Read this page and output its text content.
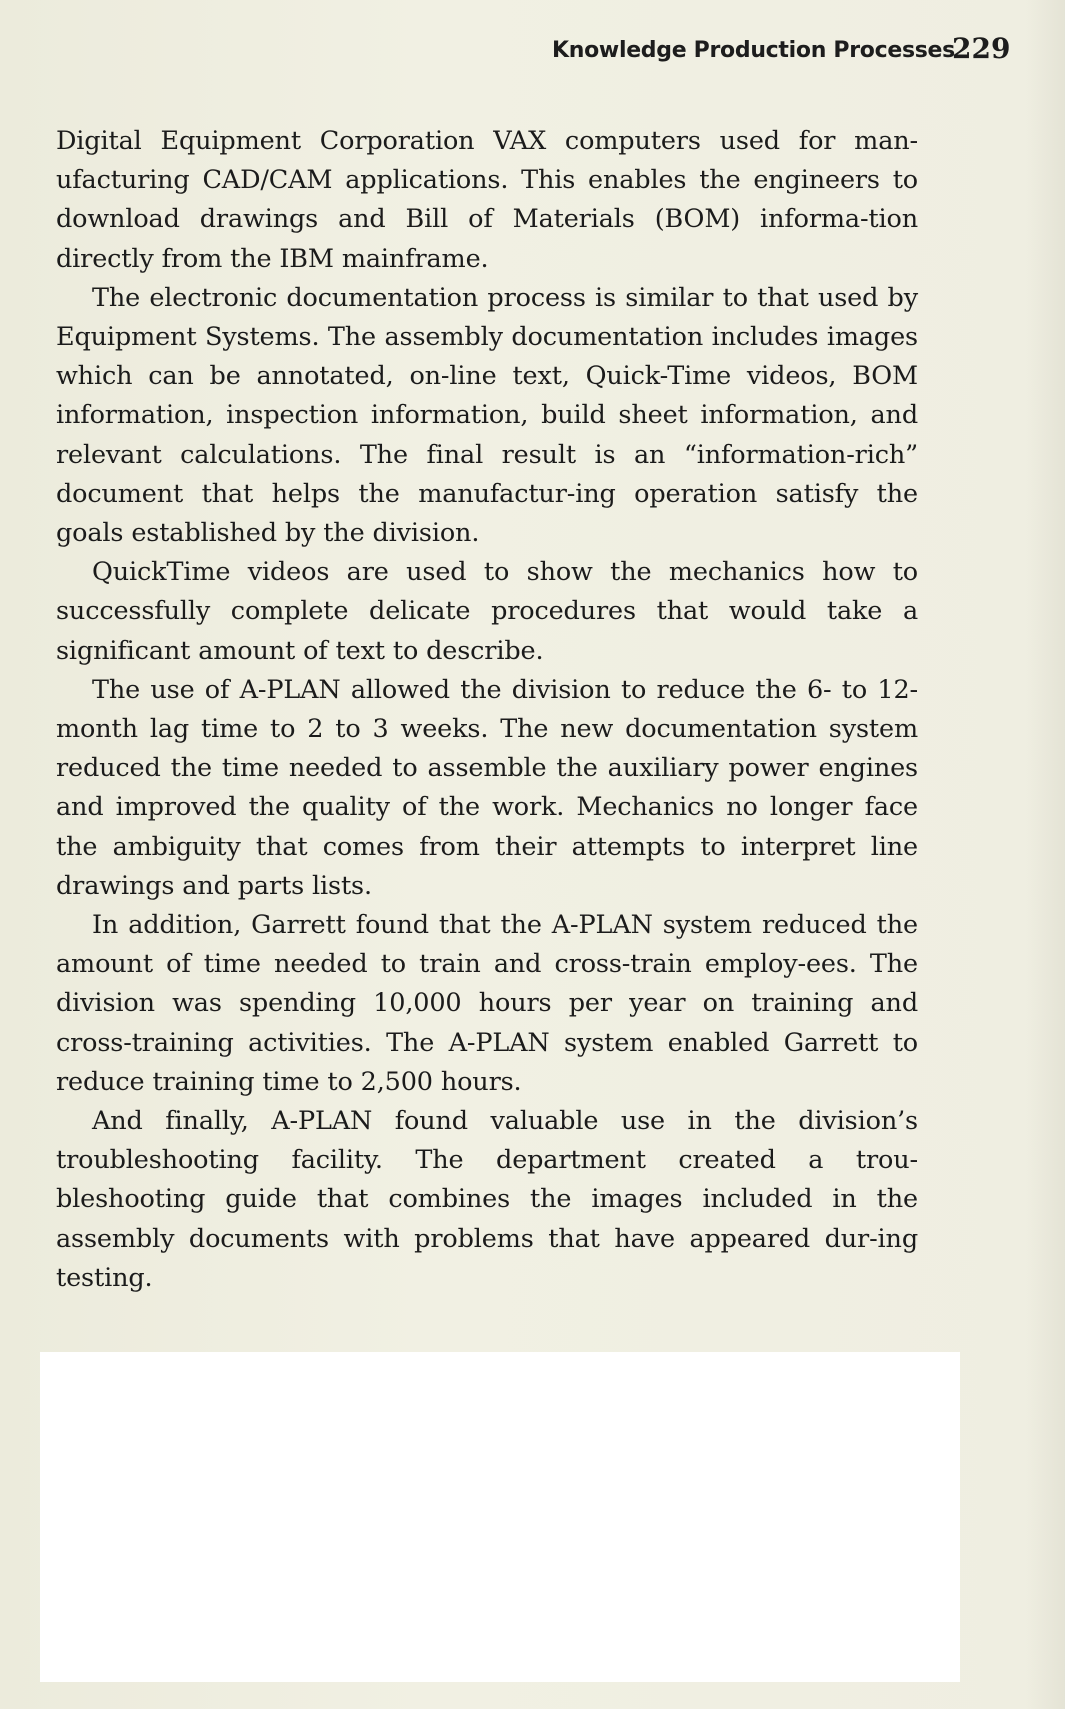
Knowledge Production Processes
229

Digital Equipment Corporation VAX computers used for man-ufacturing CAD/CAM applications. This enables the engineers to download drawings and Bill of Materials (BOM) informa-tion directly from the IBM mainframe.

The electronic documentation process is similar to that used by Equipment Systems. The assembly documentation includes images which can be annotated, on-line text, Quick-Time videos, BOM information, inspection information, build sheet information, and relevant calculations. The final result is an “information-rich” document that helps the manufactur-ing operation satisfy the goals established by the division.

QuickTime videos are used to show the mechanics how to successfully complete delicate procedures that would take a significant amount of text to describe.

The use of A-PLAN allowed the division to reduce the 6- to 12-month lag time to 2 to 3 weeks. The new documentation system reduced the time needed to assemble the auxiliary power engines and improved the quality of the work. Mechanics no longer face the ambiguity that comes from their attempts to interpret line drawings and parts lists.

In addition, Garrett found that the A-PLAN system reduced the amount of time needed to train and cross-train employ-ees. The division was spending 10,000 hours per year on training and cross-training activities. The A-PLAN system enabled Garrett to reduce training time to 2,500 hours.

And finally, A-PLAN found valuable use in the division’s troubleshooting facility. The department created a trou-bleshooting guide that combines the images included in the assembly documents with problems that have appeared dur-ing testing.
